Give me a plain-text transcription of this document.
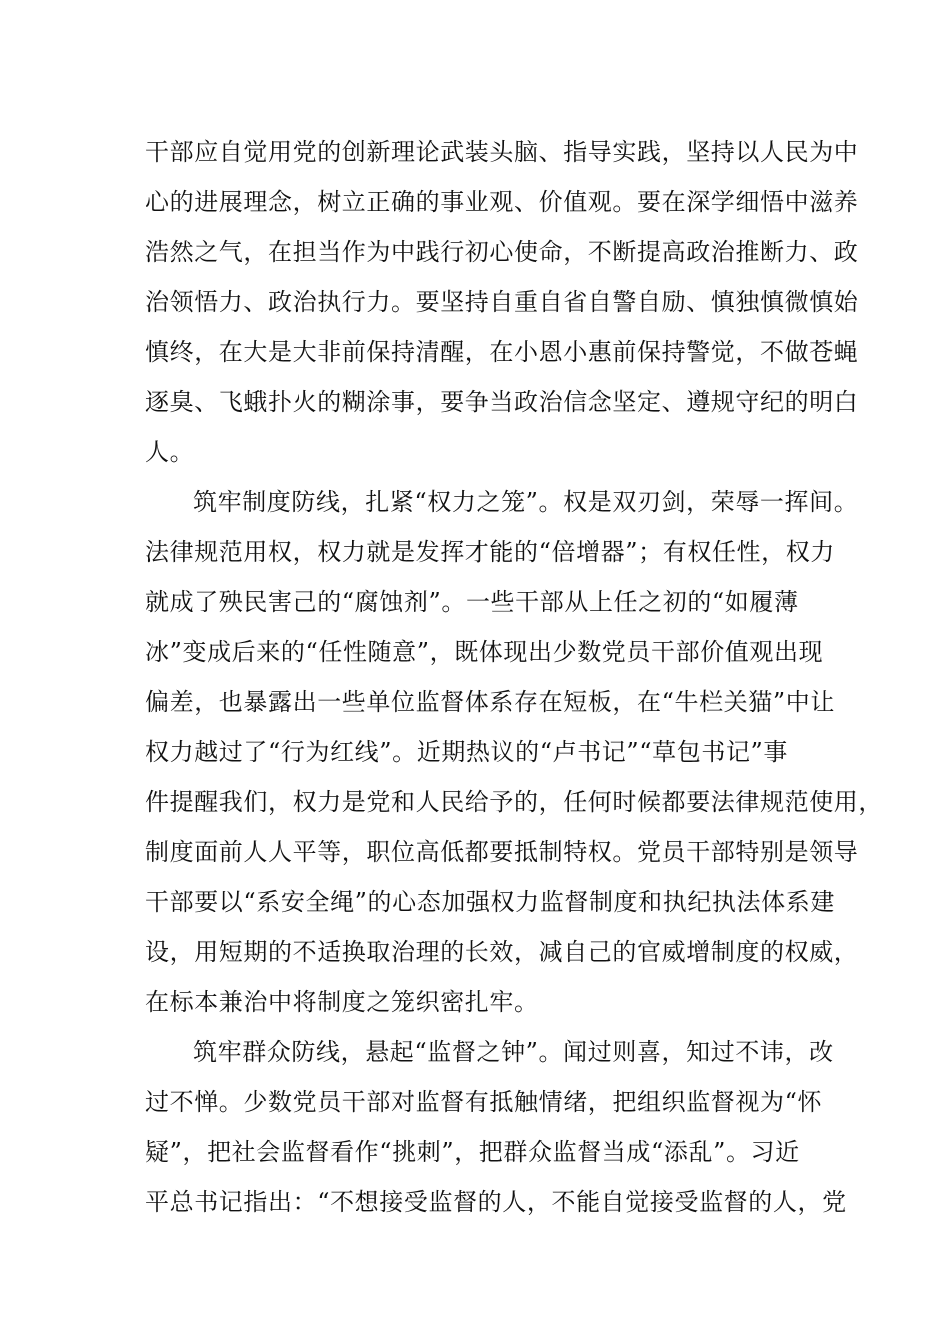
干部应自觉用党的创新理论武装头脑、指导实践，坚持以人民为中
心的进展理念，树立正确的事业观、价值观。要在深学细悟中滋养
浩然之气，在担当作为中践行初心使命，不断提高政治推断力、政
治领悟力、政治执行力。要坚持自重自省自警自励、慎独慎微慎始
慎终，在大是大非前保持清醒，在小恩小惠前保持警觉，不做苍蝇
逐臭、飞蛾扑火的糊涂事，要争当政治信念坚定、遵规守纪的明白
人。
筑牢制度防线，扎紧“权力之笼”。权是双刃剑，荣辱一挥间。
法律规范用权，权力就是发挥才能的“倍增器”；有权任性，权力
就成了殃民害己的“腐蚀剂”。一些干部从上任之初的“如履薄
冰”变成后来的“任性随意”，既体现出少数党员干部价值观出现
偏差，也暴露出一些单位监督体系存在短板，在“牛栏关猫”中让
权力越过了“行为红线”。近期热议的“卢书记”“草包书记”事
件提醒我们，权力是党和人民给予的，任何时候都要法律规范使用，
制度面前人人平等，职位高低都要抵制特权。党员干部特别是领导
干部要以“系安全绳”的心态加强权力监督制度和执纪执法体系建
设，用短期的不适换取治理的长效，减自己的官威增制度的权威，
在标本兼治中将制度之笼织密扎牢。
筑牢群众防线，悬起“监督之钟”。闻过则喜，知过不讳，改
过不惮。少数党员干部对监督有抵触情绪，把组织监督视为“怀
疑”，把社会监督看作“挑刺”，把群众监督当成“添乱”。习近
平总书记指出：“不想接受监督的人，不能自觉接受监督的人，党
